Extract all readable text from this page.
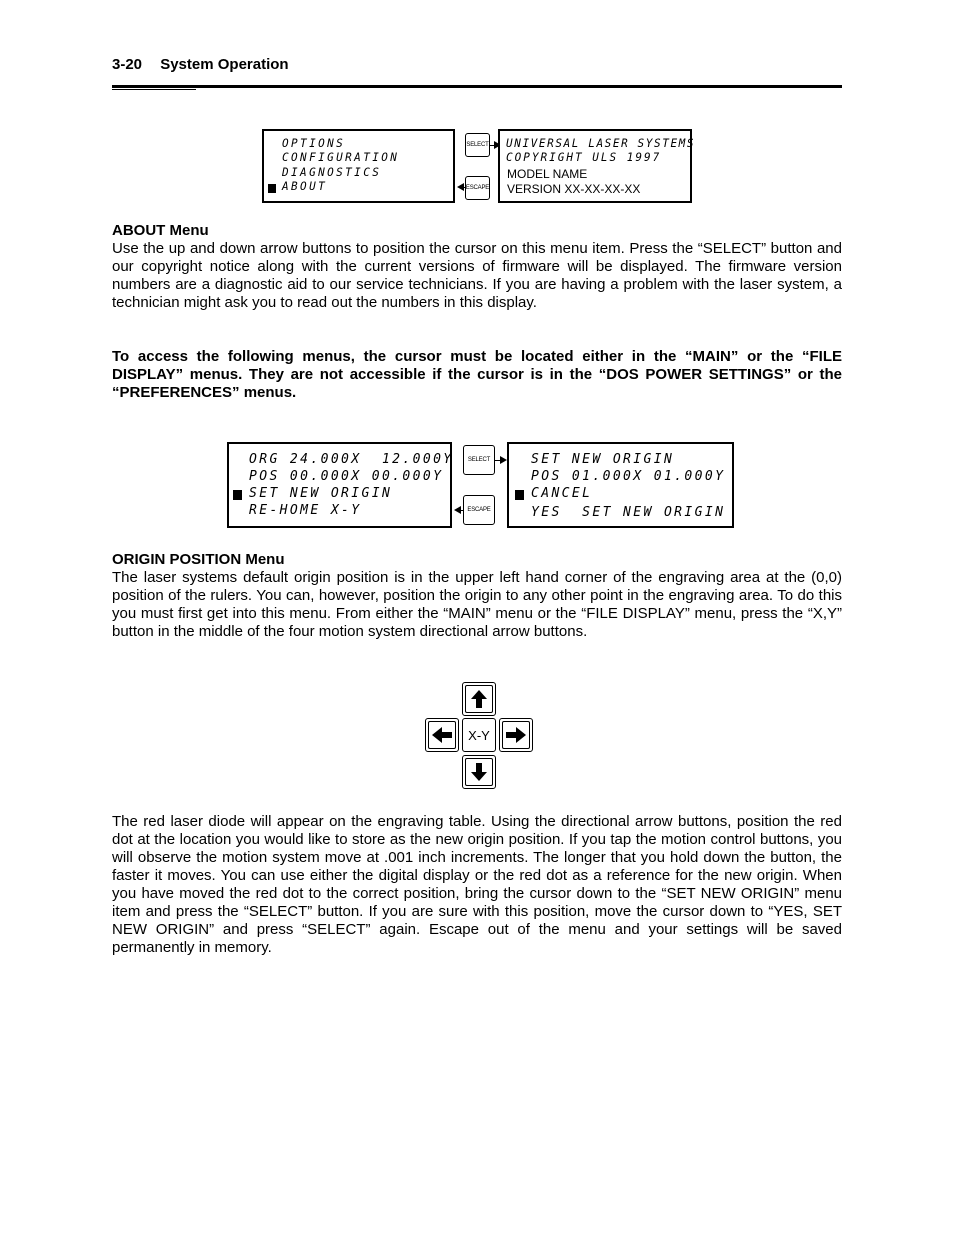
3-20 System Operation
OPTIONS
CONFIGURATION
DIAGNOSTICS
ABOUT
SELECT
ESCAPE
UNIVERSAL LASER SYSTEMS
COPYRIGHT ULS 1997
MODEL NAME
VERSION XX-XX-XX-XX
ABOUT Menu
Use the up and down arrow buttons to position the cursor on this menu item. Press the “SELECT” button and our copyright notice along with the current versions of firmware will be displayed. The firmware version numbers are a diagnostic aid to our service technicians. If you are having a problem with the laser system, a technician might ask you to read out the numbers in this display.
To access the following menus, the cursor must be located either in the “MAIN” or the “FILE DISPLAY” menus. They are not accessible if the cursor is in the “DOS POWER SETTINGS” or the “PREFERENCES” menus.
ORG 24.000X  12.000Y
POS 00.000X 00.000Y
SET NEW ORIGIN
RE-HOME X-Y
SELECT
ESCAPE
SET NEW ORIGIN
POS 01.000X 01.000Y
CANCEL
YES  SET NEW ORIGIN
ORIGIN POSITION Menu
The laser systems default origin position is in the upper left hand corner of the engraving area at the (0,0) position of the rulers. You can, however, position the origin to any other point in the engraving area. To do this you must first get into this menu. From either the “MAIN” menu or the “FILE DISPLAY” menu, press the “X,Y” button in the middle of the four motion system directional arrow buttons.
X-Y
The red laser diode will appear on the engraving table. Using the directional arrow buttons, position the red dot at the location you would like to store as the new origin position. If you tap the motion control buttons, you will observe the motion system move at .001 inch increments. The longer that you hold down the button, the faster it moves. You can use either the digital display or the red dot as a reference for the new origin. When you have moved the red dot to the correct position, bring the cursor down to the “SET NEW ORIGIN” menu item and press the “SELECT” button. If you are sure with this position, move the cursor down to “YES, SET NEW ORIGIN” and press “SELECT” again. Escape out of the menu and your settings will be saved permanently in memory.
